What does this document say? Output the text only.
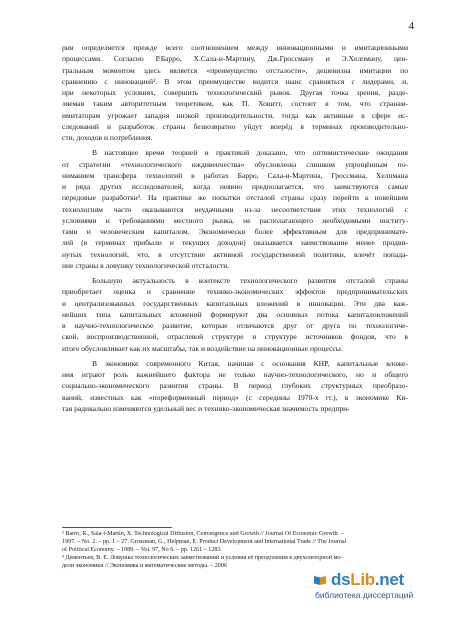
4
рия определяется прежде всего соотношением между инновационными и имитационными
процессами. Согласно Р.Барро, Х.Сала-и-Мартину, Дж.Гроссману и Э.Хелпману, цен-
тральным моментом здесь является «преимущество отсталости», дешевизна имитации по
сравнению с инновацией². В этом преимуществе видится шанс сравняться с лидерами, и,
при некоторых условиях, совершить технологический рывок. Другая точка зрения, разде-
ляемая таким авторитетным теоретиком, как П. Ховитт, состоит в том, что странам-
имитаторам угрожает западня низкой производительности, тогда как активные в сфере ис-
следований и разработок страны безвозвратно уйдут вперёд в терминах производительно-
сти, доходов и потребления.
В настоящее время теорией и практикой доказано, что оптимистические ожидания
от стратегии «технологического иждивенчества» обусловлены слишком упрощённым по-
ниманием трансфера технологий в работах Барро, Сала-и-Мартина, Гроссмана, Хелпмана
и ряда других исследователей, когда неявно предполагается, что заимствуются самые
передовые разработки³. На практике же попытки отсталой страны сразу перейти к новейшим
технологиям часто оказываются неудачными из-за несоответствия этих технологий с
условиями и требованиями местного рынка, не располагающего необходимыми институ-
тами и человеческим капиталом. Экономически более эффективным для предпринимате-
лей (в терминах прибыли и текущих доходов) оказывается заимствование менее продви-
нутых технологий, что, в отсутствие активной государственной политики, влечёт попада-
ние страны в ловушку технологической отсталости.
Большую актуальность в контексте технологического развития отсталой страны
приобретает оценка и сравнение технико-экономических эффектов предпринимательских
и централизованных государственных капитальных вложений в инновации. Эти два важ-
нейших типа капитальных вложений формируют два основных потока капиталовложений
в научно-технологическое развитие, которые отличаются друг от друга по технологиче-
ской, воспроизводственной, отраслевой структуре и структуре источников фондов, что в
итоге обусловливает как их масштабы, так и воздействие на инновационные процессы.
В экономике современного Китая, начиная с основания КНР, капитальные вложе-
ния играют роль важнейшего фактора не только научно-технологического, но и общего
социально-экономического развития страны. В период глубоких структурных преобразо-
ваний, известных как «пореформенный период» (с середины 1970-х гг.), в экономике Ки-
тая радикально изменяются удельный вес и технико-экономическая значимость предпри-
² Barro, R., Sala-i-Martin, X. Technological Diffusion, Convergence and Growth // Journal Of Economic Growth. –
1997. – No. 2. – pp. 1 – 27. Grossman, G., Helpman, E. Product Development and International Trade // The Journal
of Political Economy. – 1989. – Vol. 97, No 6. – pp. 1261 – 1283.
³ Дементьев, В. Е. Ловушка технологических заимствований и условия её преодоления в двухсекторной мо-
дели экономики // Экономика и математические методы. – 2006
dsLib.net
библиотека диссертаций
